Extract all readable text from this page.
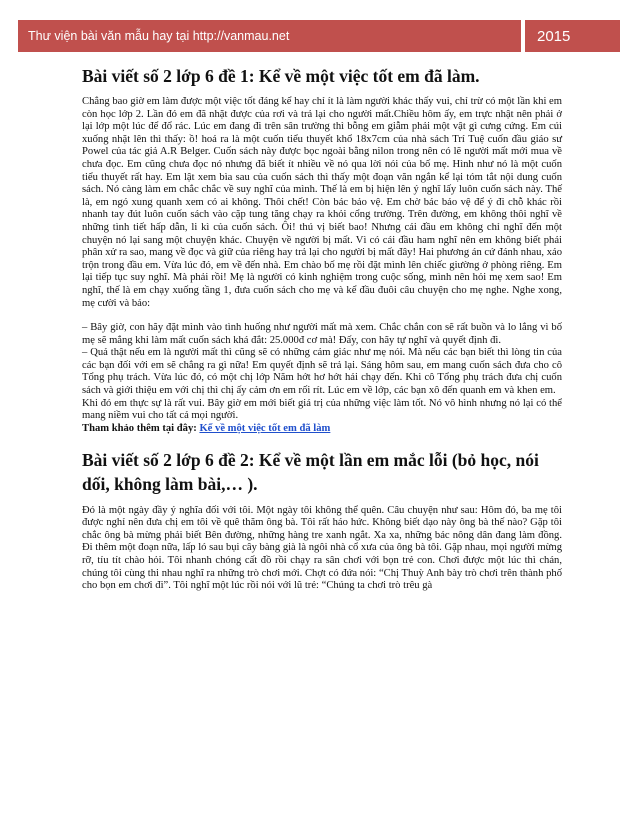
Thư viện bài văn mẫu hay tại http://vanmau.net	2015
Bài viết số 2 lớp 6 đề 1: Kể về một việc tốt em đã làm.

Chẳng bao giờ em làm được một việc tốt đáng kể hay chỉ ít là làm người khác thấy vui, chỉ trừ có một lần khi em còn học lớp 2. Lần đó em đã nhặt được của rơi và trả lại cho người mất.Chiều hôm ấy, em trực nhật nên phải ở lại lớp một lúc để đổ rác. Lúc em đang đi trên sân trường thì bỗng em giẫm phải một vật gì cưng cứng. Em cúi xuống nhặt lên thì thấy: ồ! hoá ra là một cuốn tiểu thuyết khổ 18x7cm của nhà sách Trí Tuệ cuốn đầu giáo sư Powel của tác giả A.R Belger. Cuốn sách này được bọc ngoài bằng nilon trong nên có lẽ người mất mới mua về chưa đọc. Em cũng chưa đọc nó nhưng đã biết ít nhiều về nó qua lời nói của bố mẹ. Hình như nó là một cuốn tiểu thuyết rất hay. Em lật xem bìa sau của cuốn sách thì thấy một đoạn văn ngắn kể lại tóm tắt nội dung cuốn sách. Nó càng làm em chắc chắc về suy nghĩ của mình. Thế là em bị hiện lên ý nghĩ lấy luôn cuốn sách này. Thế là, em ngó xung quanh xem có ai không. Thôi chết! Còn bác bảo vệ. Em chờ bác bảo vệ để ý đi chỗ khác rồi nhanh tay đút luôn cuốn sách vào cặp tung tăng chạy ra khỏi cổng trường. Trên đường, em không thôi nghĩ về những tình tiết hấp dẫn, li kì của cuốn sách. Ôi! thú vị biết bao! Nhưng cái đầu em không chỉ nghĩ đến một chuyện nó lại sang một chuyện khác. Chuyện về người bị mất. Vì có cái đầu ham nghĩ nên em không biết phải phân xử ra sao, mang về đọc và giữ của riêng hay trả lại cho người bị mất đây! Hai phương án cứ đánh nhau, xáo trộn trong đầu em. Vừa lúc đó, em về đến nhà. Em chào bố mẹ rồi đặt mình lên chiếc giường ở phòng riêng. Em lại tiếp tục suy nghĩ. Mà phải rồi! Mẹ là người có kinh nghiệm trong cuộc sống, mình nên hỏi mẹ xem sao! Em nghĩ, thế là em chạy xuống tầng 1, đưa cuốn sách cho mẹ và kể đầu đuôi câu chuyện cho mẹ nghe. Nghe xong, mẹ cười và bảo:

– Bây giờ, con hãy đặt mình vào tình huống như người mất mà xem. Chắc chắn con sẽ rất buồn và lo lắng vì bố mẹ sẽ mắng khi làm mất cuốn sách khá đắt: 25.000đ cơ mà! Đấy, con hãy tự nghĩ và quyết định đi.

– Quả thật nếu em là người mất thì cũng sẽ có những cảm giác như mẹ nói. Mà nếu các bạn biết thì lòng tin của các bạn đối với em sẽ chẳng ra gì nữa! Em quyết định sẽ trả lại. Sáng hôm sau, em mang cuốn sách đưa cho cô Tổng phụ trách. Vừa lúc đó, có một chị lớp Năm hớt hơ hớt hải chạy đến. Khi cô Tổng phụ trách đưa chị cuốn sách và giới thiệu em với chị thì chị ấy cảm ơn em rối rít. Lúc em về lớp, các bạn xô đến quanh em và khen em.

Khi đó em thực sự là rất vui. Bây giờ em mới biết giá trị của những việc làm tốt. Nó vô hình nhưng nó lại có thể mang niềm vui cho tất cả mọi người.

Tham khảo thêm tại đây: Kể về một việc tốt em đã làm

Bài viết số 2 lớp 6 đề 2: Kể về một lần em mắc lỗi (bỏ học, nói dối, không làm bài,… ).

Đó là một ngày đầy ý nghĩa đối với tôi. Một ngày tôi không thể quên. Câu chuyện như sau: Hôm đó, ba mẹ tôi được nghỉ nên đưa chị em tôi về quê thăm ông bà. Tôi rất háo hức. Không biết dạo này ông bà thế nào? Gặp tôi chắc ông bà mừng phải biết Bên đường, những hàng tre xanh ngắt. Xa xa, những bác nông dân đang làm đồng. Đi thêm một đoạn nữa, lấp ló sau bụi cây bàng già là ngôi nhà cổ xưa của ông bà tôi. Gặp nhau, mọi người mừng rỡ, tíu tít chào hỏi. Tôi nhanh chóng cất đồ rồi chạy ra sân chơi với bọn trẻ con. Chơi được một lúc thì chán, chúng tôi cùng thi nhau nghĩ ra những trò chơi mới. Chợt có đứa nói: “Chị Thuỳ Anh bày trò chơi trên thành phố cho bọn em chơi đi”. Tôi nghĩ một lúc rồi nói với lũ trẻ: “Chúng ta chơi trò trêu gà
